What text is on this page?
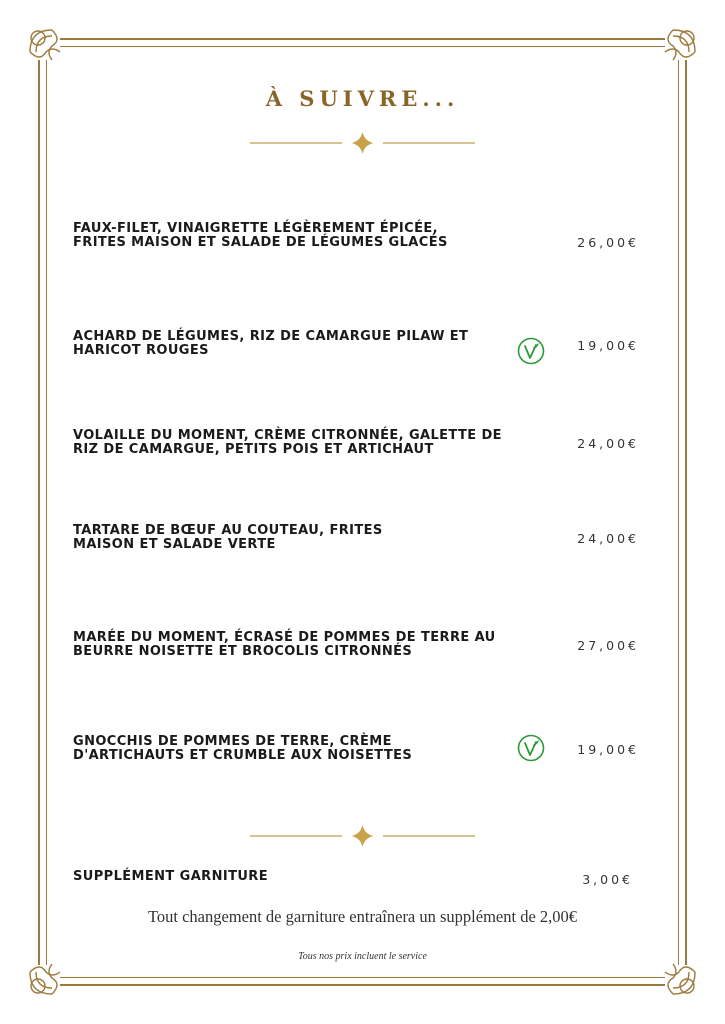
À SUIVRE...
FAUX-FILET, VINAIGRETTE LÉGÈREMENT ÉPICÉE, FRITES MAISON ET SALADE DE LÉGUMES GLACÉS	26,00€
ACHARD DE LÉGUMES, RIZ DE CAMARGUE PILAW ET HARICOT ROUGES	19,00€
VOLAILLE DU MOMENT, CRÈME CITRONNÉE, GALETTE DE RIZ DE CAMARGUE, PETITS POIS ET ARTICHAUT	24,00€
TARTARE DE BŒUF AU COUTEAU, FRITES MAISON ET SALADE VERTE	24,00€
MARÉE DU MOMENT, ÉCRASÉ DE POMMES DE TERRE AU BEURRE NOISETTE ET BROCOLIS CITRONNÉS	27,00€
GNOCCHIS DE POMMES DE TERRE, CRÈME D'ARTICHAUTS ET CRUMBLE AUX NOISETTES	19,00€
SUPPLÉMENT GARNITURE	3,00€
Tout changement de garniture entraînera un supplément de 2,00€
Tous nos prix incluent le service
